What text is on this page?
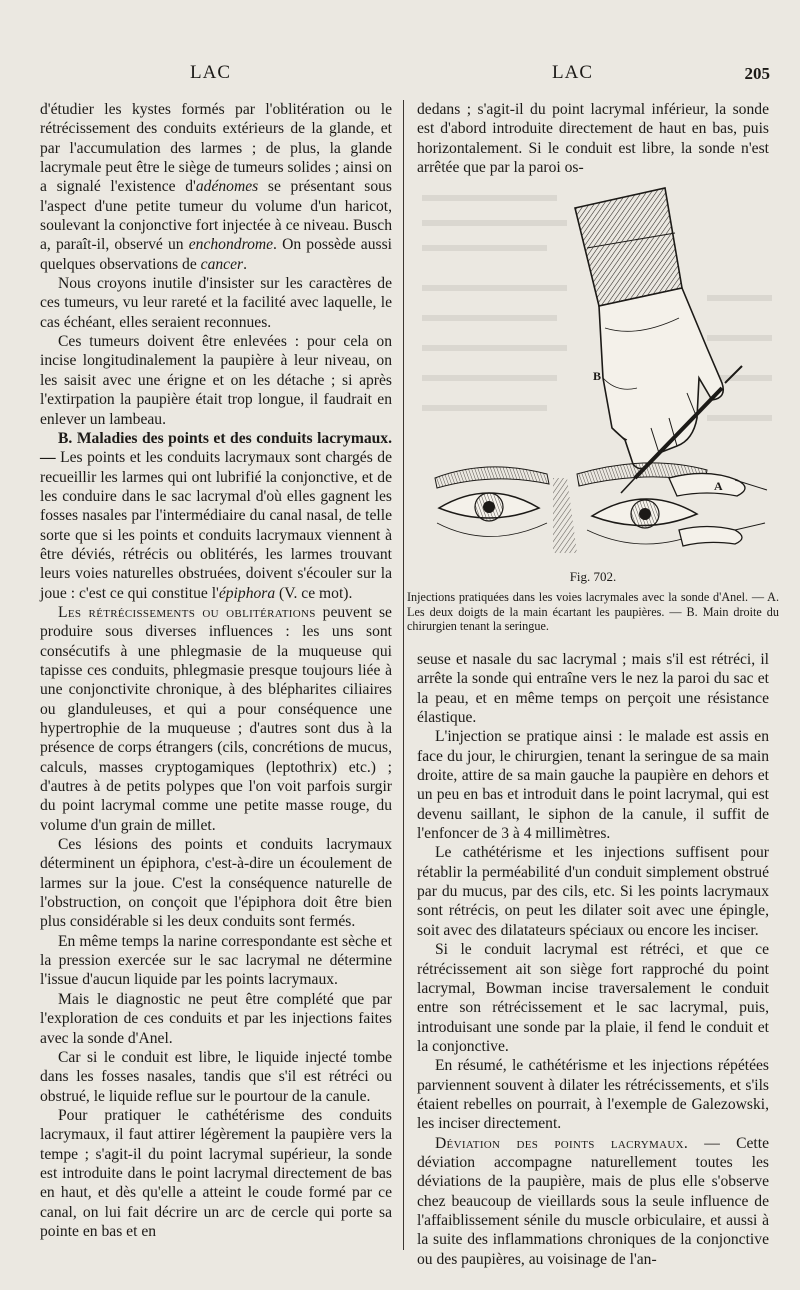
LAC	LAC	205

d'étudier les kystes formés par l'oblitération ou le rétrécissement des conduits extérieurs de la glande, et par l'accumulation des larmes ; de plus, la glande lacrymale peut être le siège de tumeurs solides ; ainsi on a signalé l'existence d'adénomes se présentant sous l'aspect d'une petite tumeur du volume d'un haricot, soulevant la conjonctive fort injectée à ce niveau. Busch a, paraît-il, observé un enchondrome. On possède aussi quelques observations de cancer.

Nous croyons inutile d'insister sur les caractères de ces tumeurs, vu leur rareté et la facilité avec laquelle, le cas échéant, elles seraient reconnues.

Ces tumeurs doivent être enlevées : pour cela on incise longitudinalement la paupière à leur niveau, on les saisit avec une érigne et on les détache ; si après l'extirpation la paupière était trop longue, il faudrait en enlever un lambeau.

B. Maladies des points et des conduits lacrymaux. — Les points et les conduits lacrymaux sont chargés de recueillir les larmes qui ont lubrifié la conjonctive, et de les conduire dans le sac lacrymal d'où elles gagnent les fosses nasales par l'intermédiaire du canal nasal, de telle sorte que si les points et conduits lacrymaux viennent à être déviés, rétrécis ou oblitérés, les larmes trouvant leurs voies naturelles obstruées, doivent s'écouler sur la joue : c'est ce qui constitue l'épiphora (V. ce mot).

Les rétrécissements ou oblitérations peuvent se produire sous diverses influences : les uns sont consécutifs à une phlegmasie de la muqueuse qui tapisse ces conduits, phlegmasie presque toujours liée à une conjonctivite chronique, à des blépharites ciliaires ou glanduleuses, et qui a pour conséquence une hypertrophie de la muqueuse ; d'autres sont dus à la présence de corps étrangers (cils, concrétions de mucus, calculs, masses cryptogamiques (leptothrix) etc.) ; d'autres à de petits polypes que l'on voit parfois surgir du point lacrymal comme une petite masse rouge, du volume d'un grain de millet.

Ces lésions des points et conduits lacrymaux déterminent un épiphora, c'est-à-dire un écoulement de larmes sur la joue. C'est la conséquence naturelle de l'obstruction, on conçoit que l'épiphora doit être bien plus considérable si les deux conduits sont fermés.

En même temps la narine correspondante est sèche et la pression exercée sur le sac lacrymal ne détermine l'issue d'aucun liquide par les points lacrymaux.

Mais le diagnostic ne peut être complété que par l'exploration de ces conduits et par les injections faites avec la sonde d'Anel.

Car si le conduit est libre, le liquide injecté tombe dans les fosses nasales, tandis que s'il est rétréci ou obstrué, le liquide reflue sur le pourtour de la canule.

Pour pratiquer le cathétérisme des conduits lacrymaux, il faut attirer légèrement la paupière vers la tempe ; s'agit-il du point lacrymal supérieur, la sonde est introduite dans le point lacrymal directement de bas en haut, et dès qu'elle a atteint le coude formé par ce canal, on lui fait décrire un arc de cercle qui porte sa pointe en bas et en

dedans ; s'agit-il du point lacrymal inférieur, la sonde est d'abord introduite directement de haut en bas, puis horizontalement. Si le conduit est libre, la sonde n'est arrêtée que par la paroi os-

B
A
Fig. 702.
Injections pratiquées dans les voies lacrymales avec la sonde d'Anel. — A. Les deux doigts de la main écartant les paupières. — B. Main droite du chirurgien tenant la seringue.

seuse et nasale du sac lacrymal ; mais s'il est rétréci, il arrête la sonde qui entraîne vers le nez la paroi du sac et la peau, et en même temps on perçoit une résistance élastique.

L'injection se pratique ainsi : le malade est assis en face du jour, le chirurgien, tenant la seringue de sa main droite, attire de sa main gauche la paupière en dehors et un peu en bas et introduit dans le point lacrymal, qui est devenu saillant, le siphon de la canule, il suffit de l'enfoncer de 3 à 4 millimètres.

Le cathétérisme et les injections suffisent pour rétablir la perméabilité d'un conduit simplement obstrué par du mucus, par des cils, etc. Si les points lacrymaux sont rétrécis, on peut les dilater soit avec une épingle, soit avec des dilatateurs spéciaux ou encore les inciser.

Si le conduit lacrymal est rétréci, et que ce rétrécissement ait son siège fort rapproché du point lacrymal, Bowman incise traversalement le conduit entre son rétrécissement et le sac lacrymal, puis, introduisant une sonde par la plaie, il fend le conduit et la conjonctive.

En résumé, le cathétérisme et les injections répétées parviennent souvent à dilater les rétrécissements, et s'ils étaient rebelles on pourrait, à l'exemple de Galezowski, les inciser directement.

Déviation des points lacrymaux. — Cette déviation accompagne naturellement toutes les déviations de la paupière, mais de plus elle s'observe chez beaucoup de vieillards sous la seule influence de l'affaiblissement sénile du muscle orbiculaire, et aussi à la suite des inflammations chroniques de la conjonctive ou des paupières, au voisinage de l'an-
